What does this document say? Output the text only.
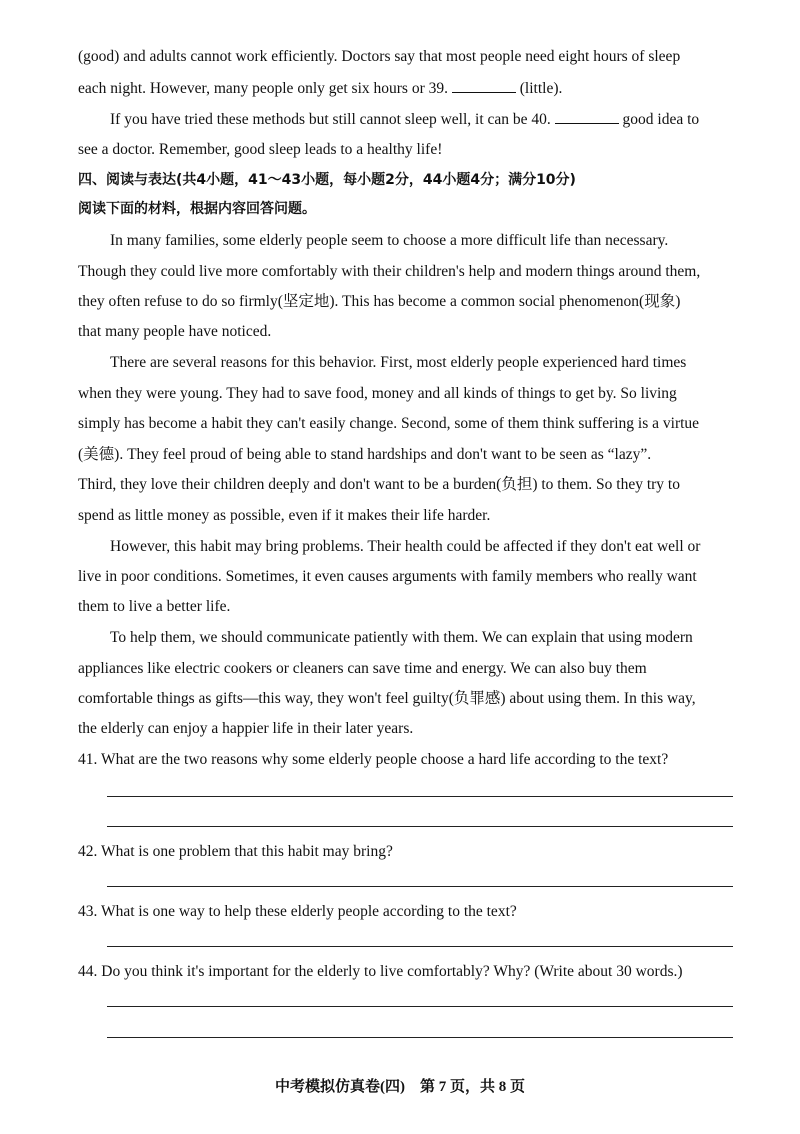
(good) and adults cannot work efficiently. Doctors say that most people need eight hours of sleep
each night. However, many people only get six hours or 39.	(little).
If you have tried these methods but still cannot sleep well, it can be 40.	good idea to
see a doctor. Remember, good sleep leads to a healthy life!
四、阅读与表达(共4小题，41～43小题，每小题2分，44小题4分；满分10分)
阅读下面的材料，根据内容回答问题。
In many families, some elderly people seem to choose a more difficult life than necessary.
Though they could live more comfortably with their children's help and modern things around them,
they often refuse to do so firmly(坚定地). This has become a common social phenomenon(现象)
that many people have noticed.
There are several reasons for this behavior. First, most elderly people experienced hard times
when they were young. They had to save food, money and all kinds of things to get by. So living
simply has become a habit they can't easily change. Second, some of them think suffering is a virtue
(美德). They feel proud of being able to stand hardships and don't want to be seen as “lazy”.
Third, they love their children deeply and don't want to be a burden(负担) to them. So they try to
spend as little money as possible, even if it makes their life harder.
However, this habit may bring problems. Their health could be affected if they don't eat well or
live in poor conditions. Sometimes, it even causes arguments with family members who really want
them to live a better life.
To help them, we should communicate patiently with them. We can explain that using modern
appliances like electric cookers or cleaners can save time and energy. We can also buy them
comfortable things as gifts—this way, they won't feel guilty(负罪感) about using them. In this way,
the elderly can enjoy a happier life in their later years.
41. What are the two reasons why some elderly people choose a hard life according to the text?
42. What is one problem that this habit may bring?
43. What is one way to help these elderly people according to the text?
44. Do you think it's important for the elderly to live comfortably? Why? (Write about 30 words.)
中考模拟仿真卷(四)　第 7 页，共 8 页
